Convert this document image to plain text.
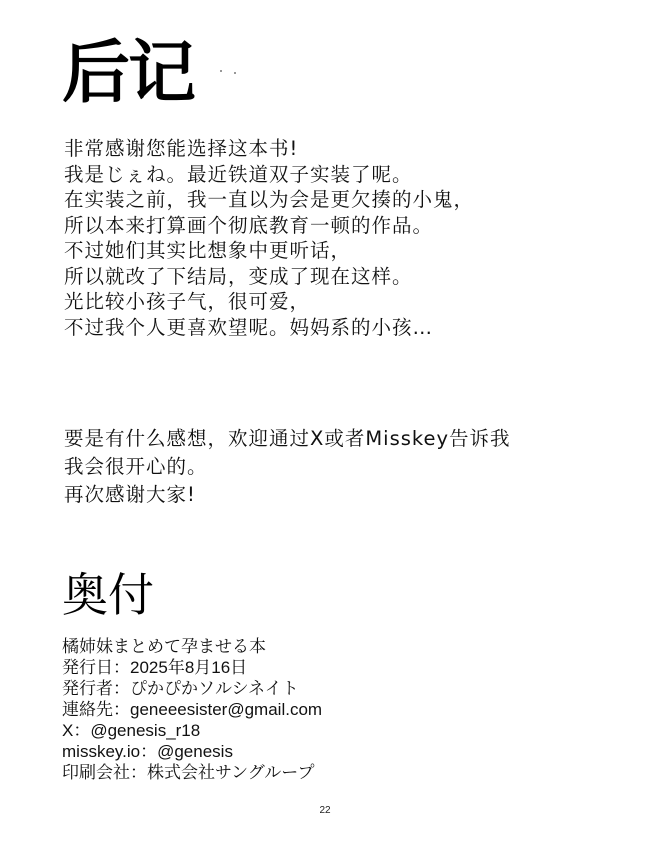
后记
非常感谢您能选择这本书!
我是じぇね。最近铁道双子实装了呢。
在实装之前，我一直以为会是更欠揍的小鬼，
所以本来打算画个彻底教育一顿的作品。
不过她们其实比想象中更听话，
所以就改了下结局，变成了现在这样。
光比较小孩子气，很可爱，
不过我个人更喜欢望呢。妈妈系的小孩…
要是有什么感想，欢迎通过X或者Misskey告诉我
我会很开心的。
再次感谢大家!
奥付
橘姉妹まとめて孕ませる本
発行日：2025年8月16日
発行者：ぴかぴかソルシネイト
連絡先：geneeesister@gmail.com
X：@genesis_r18
misskey.io：@genesis
印刷会社：株式会社サングループ
22
